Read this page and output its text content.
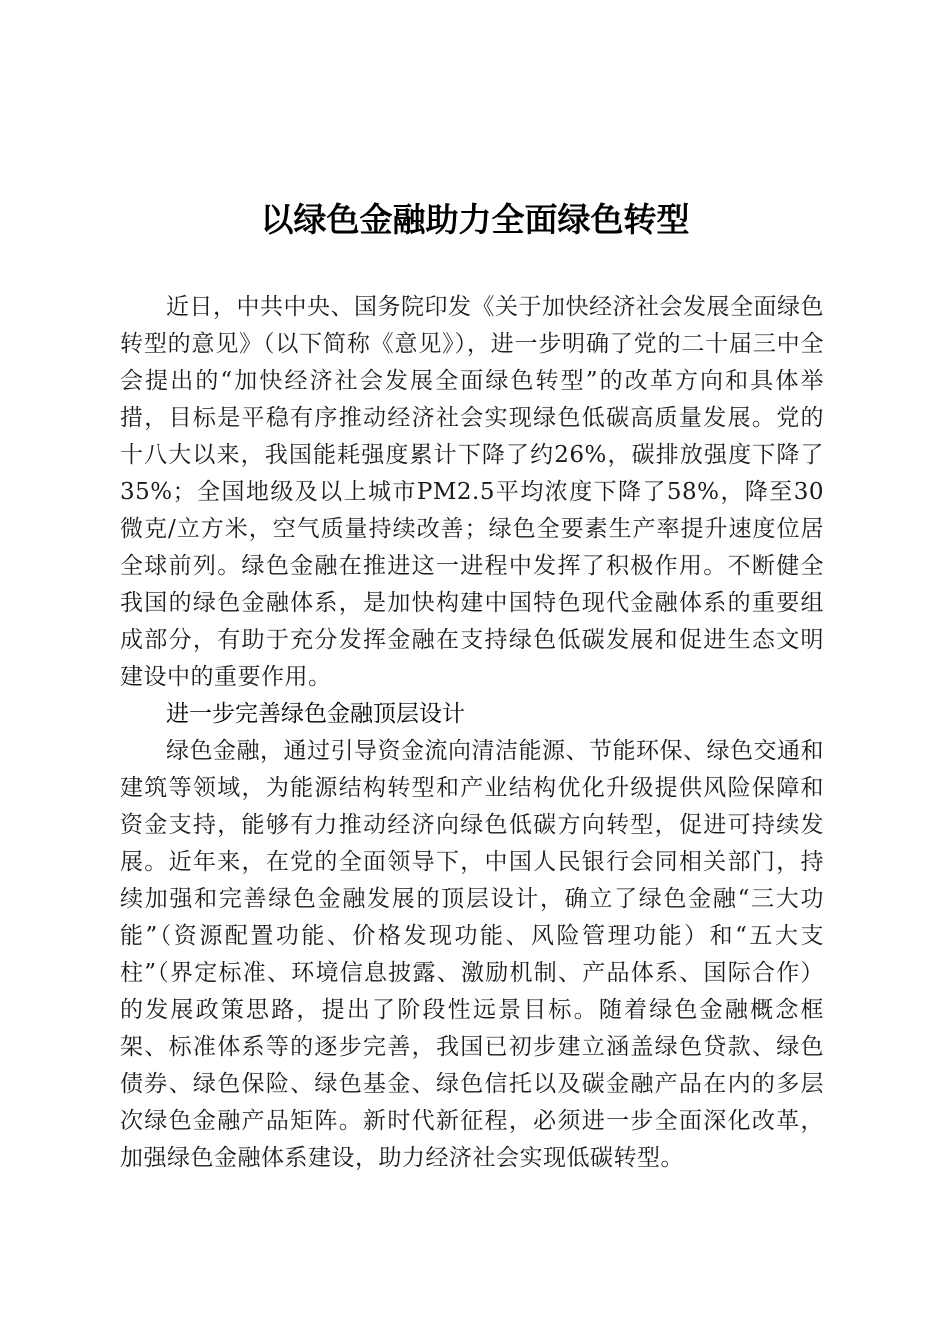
以绿色金融助力全面绿色转型

近日，中共中央、国务院印发《关于加快经济社会发展全面绿色转型的意见》（以下简称《意见》），进一步明确了党的二十届三中全会提出的“加快经济社会发展全面绿色转型”的改革方向和具体举措，目标是平稳有序推动经济社会实现绿色低碳高质量发展。党的十八大以来，我国能耗强度累计下降了约26%，碳排放强度下降了35%；全国地级及以上城市PM2.5平均浓度下降了58%，降至30微克/立方米，空气质量持续改善；绿色全要素生产率提升速度位居全球前列。绿色金融在推进这一进程中发挥了积极作用。不断健全我国的绿色金融体系，是加快构建中国特色现代金融体系的重要组成部分，有助于充分发挥金融在支持绿色低碳发展和促进生态文明建设中的重要作用。

进一步完善绿色金融顶层设计

绿色金融，通过引导资金流向清洁能源、节能环保、绿色交通和建筑等领域，为能源结构转型和产业结构优化升级提供风险保障和资金支持，能够有力推动经济向绿色低碳方向转型，促进可持续发展。近年来，在党的全面领导下，中国人民银行会同相关部门，持续加强和完善绿色金融发展的顶层设计，确立了绿色金融“三大功能”（资源配置功能、价格发现功能、风险管理功能）和“五大支柱”（界定标准、环境信息披露、激励机制、产品体系、国际合作）的发展政策思路，提出了阶段性远景目标。随着绿色金融概念框架、标准体系等的逐步完善，我国已初步建立涵盖绿色贷款、绿色债券、绿色保险、绿色基金、绿色信托以及碳金融产品在内的多层次绿色金融产品矩阵。新时代新征程，必须进一步全面深化改革，加强绿色金融体系建设，助力经济社会实现低碳转型。
